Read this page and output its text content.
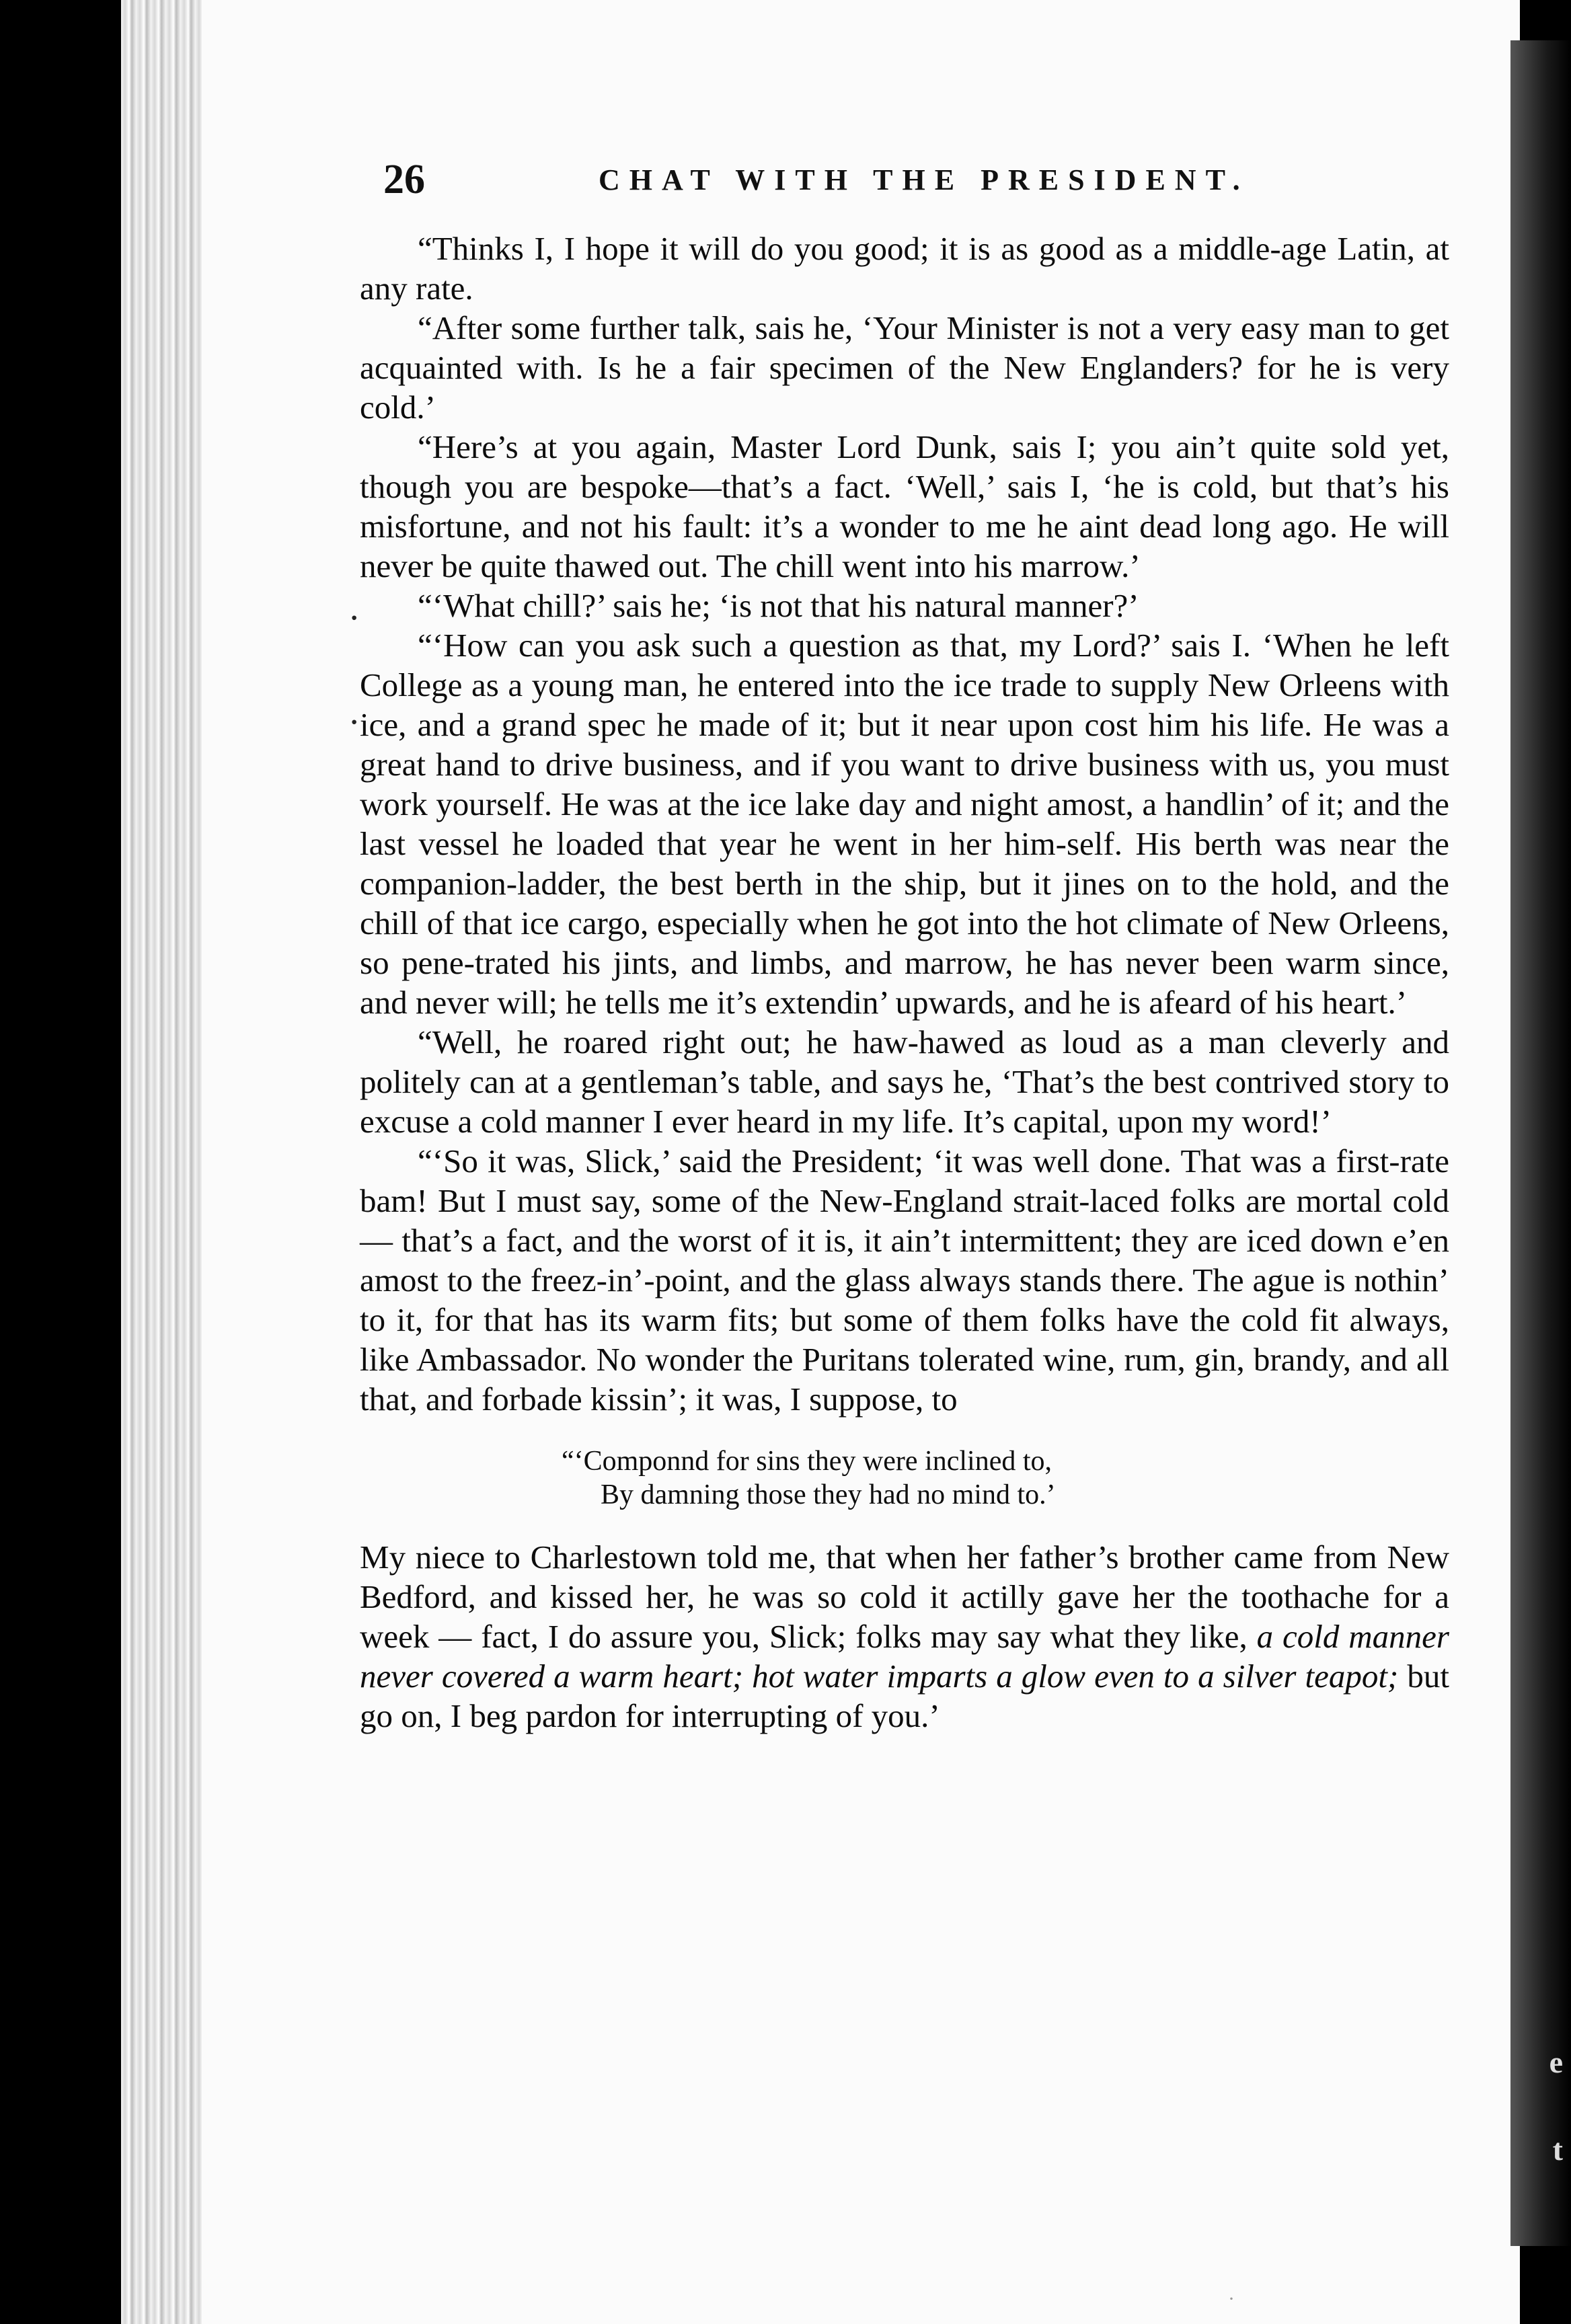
e
t
26	CHAT WITH THE PRESIDENT.

“Thinks I, I hope it will do you good; it is as good as a middle-age Latin, at any rate.

“After some further talk, sais he, ‘Your Minister is not a very easy man to get acquainted with. Is he a fair specimen of the New Englanders? for he is very cold.’

“Here’s at you again, Master Lord Dunk, sais I; you ain’t quite sold yet, though you are bespoke—that’s a fact. ‘Well,’ sais I, ‘he is cold, but that’s his misfortune, and not his fault: it’s a wonder to me he aint dead long ago. He will never be quite thawed out. The chill went into his marrow.’

“‘What chill?’ sais he; ‘is not that his natural manner?’

“‘How can you ask such a question as that, my Lord?’ sais I. ‘When he left College as a young man, he entered into the ice trade to supply New Orleens with ice, and a grand spec he made of it; but it near upon cost him his life. He was a great hand to drive business, and if you want to drive business with us, you must work yourself. He was at the ice lake day and night amost, a handlin’ of it; and the last vessel he loaded that year he went in her him-self. His berth was near the companion-ladder, the best berth in the ship, but it jines on to the hold, and the chill of that ice cargo, especially when he got into the hot climate of New Orleens, so pene-trated his jints, and limbs, and marrow, he has never been warm since, and never will; he tells me it’s extendin’ upwards, and he is afeard of his heart.’

“Well, he roared right out; he haw-hawed as loud as a man cleverly and politely can at a gentleman’s table, and says he, ‘That’s the best contrived story to excuse a cold manner I ever heard in my life. It’s capital, upon my word!’

“‘So it was, Slick,’ said the President; ‘it was well done. That was a first-rate bam! But I must say, some of the New-England strait-laced folks are mortal cold — that’s a fact, and the worst of it is, it ain’t intermittent; they are iced down e’en amost to the freez-in’-point, and the glass always stands there. The ague is nothin’ to it, for that has its warm fits; but some of them folks have the cold fit always, like Ambassador. No wonder the Puritans tolerated wine, rum, gin, brandy, and all that, and forbade kissin’; it was, I suppose, to

“‘Componnd for sins they were inclined to,
By damning those they had no mind to.’

My niece to Charlestown told me, that when her father’s brother came from New Bedford, and kissed her, he was so cold it actilly gave her the toothache for a week — fact, I do assure you, Slick; folks may say what they like, a cold manner never covered a warm heart; hot water imparts a glow even to a silver teapot; but go on, I beg pardon for interrupting of you.’

·
·
·
